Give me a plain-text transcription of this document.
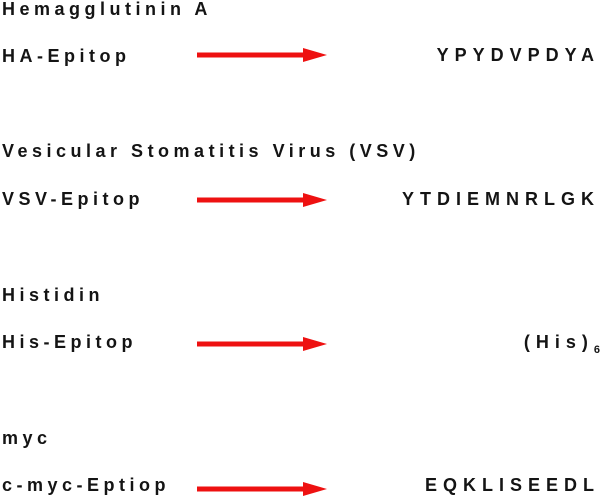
Hemagglutinin A
HA-Epitop	YPYDVPDYA
Vesicular Stomatitis Virus (VSV)
VSV-Epitop	YTDIEMNRLGK
Histidin
His-Epitop	$(His)_6$
myc
c-myc-Eptiop	EQKLISEEDL
